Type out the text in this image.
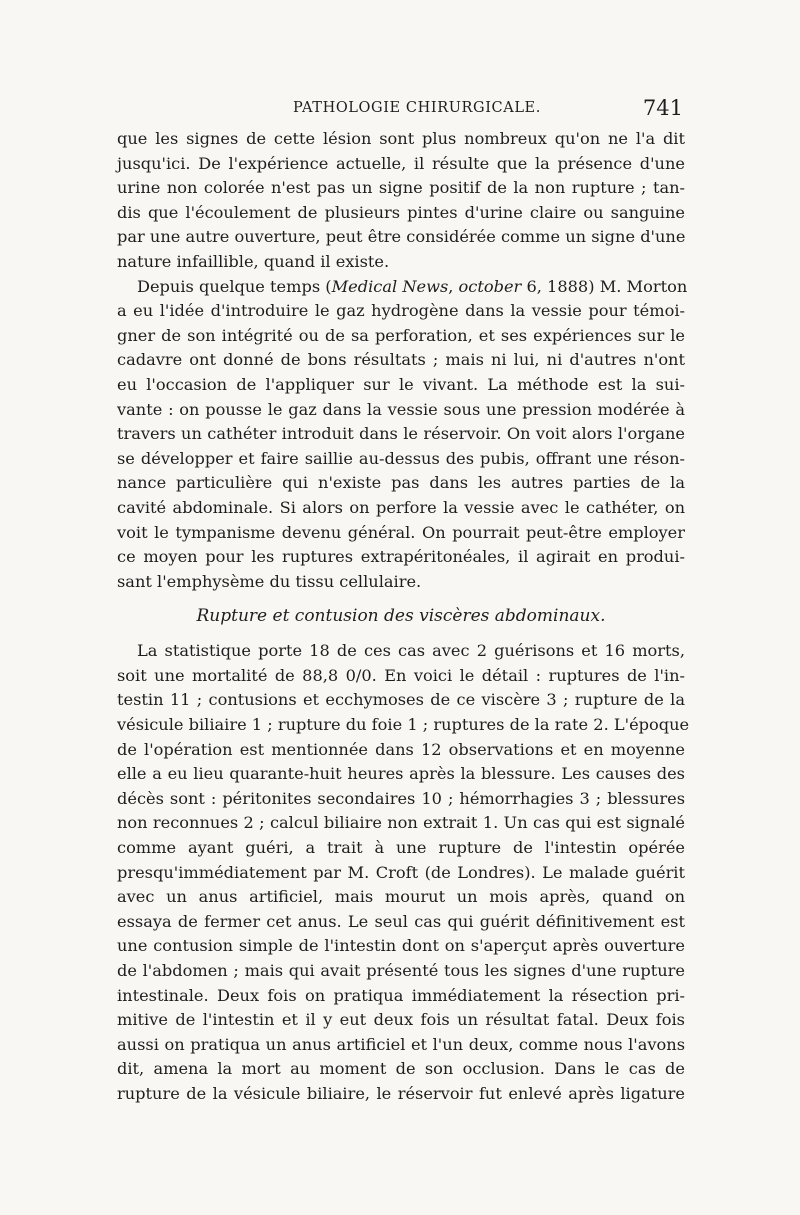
PATHOLOGIE CHIRURGICALE.	741
que les signes de cette lésion sont plus nombreux qu'on ne l'a dit
jusqu'ici. De l'expérience actuelle, il résulte que la présence d'une
urine non colorée n'est pas un signe positif de la non rupture ; tan-
dis que l'écoulement de plusieurs pintes d'urine claire ou sanguine
par une autre ouverture, peut être considérée comme un signe d'une
nature infaillible, quand il existe.
Depuis quelque temps (Medical News, october 6, 1888) M. Morton
a eu l'idée d'introduire le gaz hydrogène dans la vessie pour témoi-
gner de son intégrité ou de sa perforation, et ses expériences sur le
cadavre ont donné de bons résultats ; mais ni lui, ni d'autres n'ont
eu l'occasion de l'appliquer sur le vivant. La méthode est la sui-
vante : on pousse le gaz dans la vessie sous une pression modérée à
travers un cathéter introduit dans le réservoir. On voit alors l'organe
se développer et faire saillie au-dessus des pubis, offrant une réson-
nance particulière qui n'existe pas dans les autres parties de la
cavité abdominale. Si alors on perfore la vessie avec le cathéter, on
voit le tympanisme devenu général. On pourrait peut-être employer
ce moyen pour les ruptures extrapéritonéales, il agirait en produi-
sant l'emphysème du tissu cellulaire.
Rupture et contusion des viscères abdominaux.
La statistique porte 18 de ces cas avec 2 guérisons et 16 morts,
soit une mortalité de 88,8 0/0. En voici le détail : ruptures de l'in-
testin 11 ; contusions et ecchymoses de ce viscère 3 ; rupture de la
vésicule biliaire 1 ; rupture du foie 1 ; ruptures de la rate 2. L'époque
de l'opération est mentionnée dans 12 observations et en moyenne
elle a eu lieu quarante-huit heures après la blessure. Les causes des
décès sont : péritonites secondaires 10 ; hémorrhagies 3 ; blessures
non reconnues 2 ; calcul biliaire non extrait 1. Un cas qui est signalé
comme ayant guéri, a trait à une rupture de l'intestin opérée
presqu'immédiatement par M. Croft (de Londres). Le malade guérit
avec un anus artificiel, mais mourut un mois après, quand on
essaya de fermer cet anus. Le seul cas qui guérit définitivement est
une contusion simple de l'intestin dont on s'aperçut après ouverture
de l'abdomen ; mais qui avait présenté tous les signes d'une rupture
intestinale. Deux fois on pratiqua immédiatement la résection pri-
mitive de l'intestin et il y eut deux fois un résultat fatal. Deux fois
aussi on pratiqua un anus artificiel et l'un deux, comme nous l'avons
dit, amena la mort au moment de son occlusion. Dans le cas de
rupture de la vésicule biliaire, le réservoir fut enlevé après ligature
